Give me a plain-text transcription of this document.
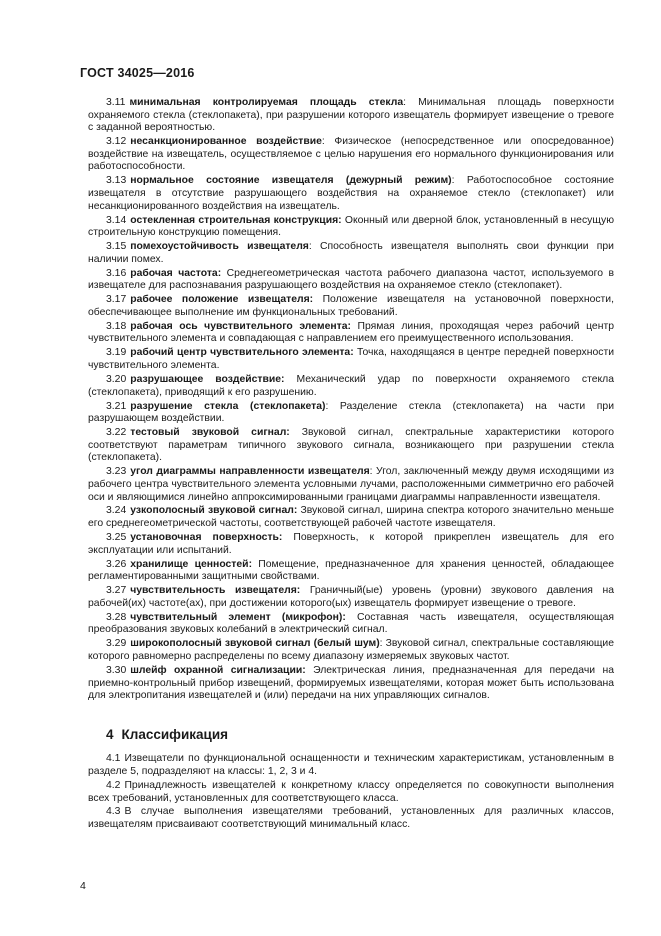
ГОСТ 34025—2016
3.11 минимальная контролируемая площадь стекла: Минимальная площадь поверхности охраняемого стекла (стеклопакета), при разрушении которого извещатель формирует извещение о тревоге с заданной вероятностью.
3.12 несанкционированное воздействие: Физическое (непосредственное или опосредованное) воздействие на извещатель, осуществляемое с целью нарушения его нормального функционирования или работоспособности.
3.13 нормальное состояние извещателя (дежурный режим): Работоспособное состояние извещателя в отсутствие разрушающего воздействия на охраняемое стекло (стеклопакет) или несанкционированного воздействия на извещатель.
3.14 остекленная строительная конструкция: Оконный или дверной блок, установленный в несущую строительную конструкцию помещения.
3.15 помехоустойчивость извещателя: Способность извещателя выполнять свои функции при наличии помех.
3.16 рабочая частота: Среднегеометрическая частота рабочего диапазона частот, используемого в извещателе для распознавания разрушающего воздействия на охраняемое стекло (стеклопакет).
3.17 рабочее положение извещателя: Положение извещателя на установочной поверхности, обеспечивающее выполнение им функциональных требований.
3.18 рабочая ось чувствительного элемента: Прямая линия, проходящая через рабочий центр чувствительного элемента и совпадающая с направлением его преимущественного использования.
3.19 рабочий центр чувствительного элемента: Точка, находящаяся в центре передней поверхности чувствительного элемента.
3.20 разрушающее воздействие: Механический удар по поверхности охраняемого стекла (стеклопакета), приводящий к его разрушению.
3.21 разрушение стекла (стеклопакета): Разделение стекла (стеклопакета) на части при разрушающем воздействии.
3.22 тестовый звуковой сигнал: Звуковой сигнал, спектральные характеристики которого соответствуют параметрам типичного звукового сигнала, возникающего при разрушении стекла (стеклопакета).
3.23 угол диаграммы направленности извещателя: Угол, заключенный между двумя исходящими из рабочего центра чувствительного элемента условными лучами, расположенными симметрично его рабочей оси и являющимися линейно аппроксимированными границами диаграммы направленности извещателя.
3.24 узкополосный звуковой сигнал: Звуковой сигнал, ширина спектра которого значительно меньше его среднегеометрической частоты, соответствующей рабочей частоте извещателя.
3.25 установочная поверхность: Поверхность, к которой прикреплен извещатель для его эксплуатации или испытаний.
3.26 хранилище ценностей: Помещение, предназначенное для хранения ценностей, обладающее регламентированными защитными свойствами.
3.27 чувствительность извещателя: Граничный(ые) уровень (уровни) звукового давления на рабочей(их) частоте(ах), при достижении которого(ых) извещатель формирует извещение о тревоге.
3.28 чувствительный элемент (микрофон): Составная часть извещателя, осуществляющая преобразования звуковых колебаний в электрический сигнал.
3.29 широкополосный звуковой сигнал (белый шум): Звуковой сигнал, спектральные составляющие которого равномерно распределены по всему диапазону измеряемых звуковых частот.
3.30 шлейф охранной сигнализации: Электрическая линия, предназначенная для передачи на приемно-контрольный прибор извещений, формируемых извещателями, которая может быть использована для электропитания извещателей и (или) передачи на них управляющих сигналов.
4 Классификация
4.1 Извещатели по функциональной оснащенности и техническим характеристикам, установленным в разделе 5, подразделяют на классы: 1, 2, 3 и 4.
4.2 Принадлежность извещателей к конкретному классу определяется по совокупности выполнения всех требований, установленных для соответствующего класса.
4.3 В случае выполнения извещателями требований, установленных для различных классов, извещателям присваивают соответствующий минимальный класс.
4
